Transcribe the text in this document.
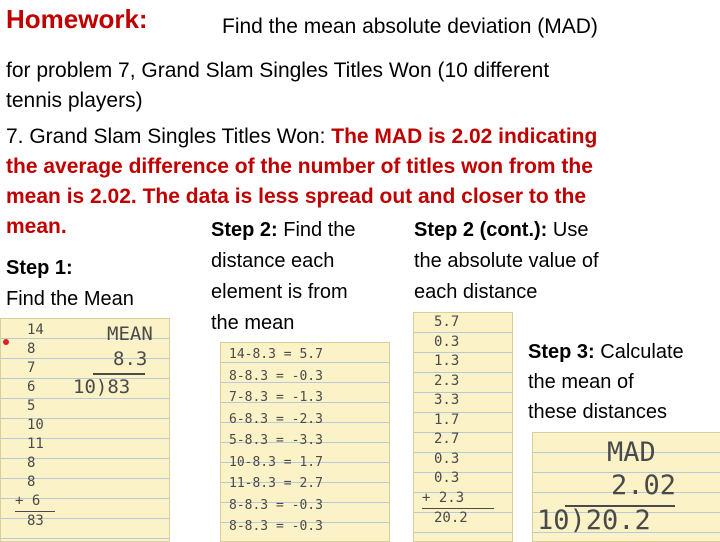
Homework:	Find the mean absolute deviation (MAD)
for problem 7, Grand Slam Singles Titles Won (10 different
tennis players)
7. Grand Slam Singles Titles Won: The MAD is 2.02 indicating
the average difference of the number of titles won from the
mean is 2.02. The data is less spread out and closer to the
mean.
Step 1:
Find the Mean
Step 2: Find the
distance each
element is from
the mean
Step 2 (cont.): Use
the absolute value of
each distance
14
8
7
6
5
10
11
8
8
+ 6
83
MEAN
8.3
10)83
14-8.3 = 5.7
8-8.3 = -0.3
7-8.3 = -1.3
6-8.3 = -2.3
5-8.3 = -3.3
10-8.3 = 1.7
11-8.3 = 2.7
8-8.3 = -0.3
8-8.3 = -0.3
5.7
0.3
1.3
2.3
3.3
1.7
2.7
0.3
0.3
+ 2.3
20.2
Step 3: Calculate
the mean of
these distances
MAD
2.02
10)20.2
